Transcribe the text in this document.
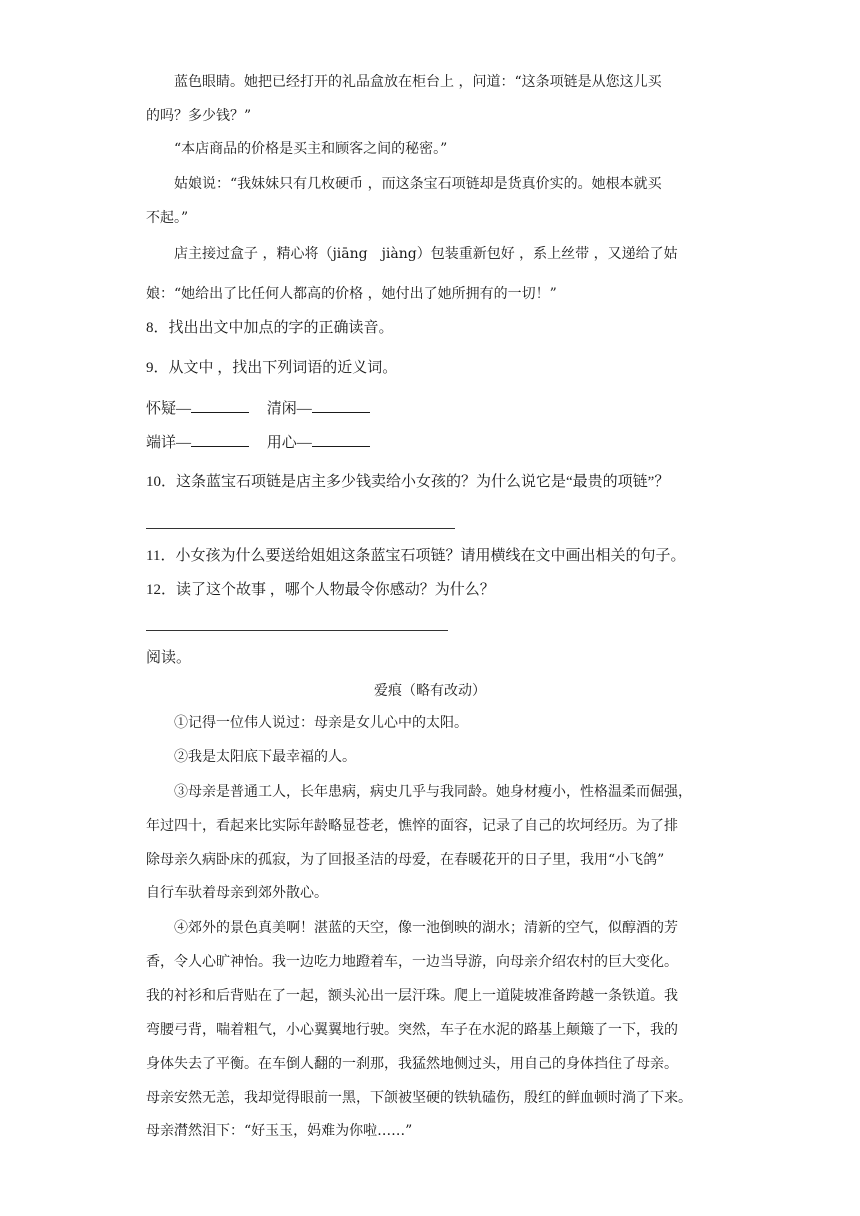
蓝色眼睛。她把已经打开的礼品盒放在柜台上 ，问道：“这条项链是从您这儿买
的吗？多少钱？”
“本店商品的价格是买主和顾客之间的秘密。”
姑娘说：“我妹妹只有几枚硬币 ，而这条宝石项链却是货真价实的。她根本就买
不起。”
店主接过盒子 ，精心将（jiāng　jiàng）包装重新包好 ，系上丝带 ，又递给了姑
娘：“她给出了比任何人都高的价格 ，她付出了她所拥有的一切！”
8．找出出文中加点的字的正确读音。
9．从文中 ，找出下列词语的近义词。
怀疑—	清闲—
端详—	用心—
10．这条蓝宝石项链是店主多少钱卖给小女孩的？为什么说它是“最贵的项链”？
11．小女孩为什么要送给姐姐这条蓝宝石项链？请用横线在文中画出相关的句子。
12．读了这个故事 ，哪个人物最令你感动？为什么？
阅读。
爱痕（略有改动）
①记得一位伟人说过：母亲是女儿心中的太阳。
②我是太阳底下最幸福的人。
③母亲是普通工人，长年患病，病史几乎与我同龄。她身材瘦小，性格温柔而倔强，
年过四十，看起来比实际年龄略显苍老，憔悴的面容，记录了自己的坎坷经历。为了排
除母亲久病卧床的孤寂，为了回报圣洁的母爱，在春暖花开的日子里，我用“小飞鸽”
自行车驮着母亲到郊外散心。
④郊外的景色真美啊！湛蓝的天空，像一池倒映的湖水；清新的空气，似醇酒的芳
香，令人心旷神怡。我一边吃力地蹬着车，一边当导游，向母亲介绍农村的巨大变化。
我的衬衫和后背贴在了一起，额头沁出一层汗珠。爬上一道陡坡准备跨越一条铁道。我
弯腰弓背，喘着粗气，小心翼翼地行驶。突然，车子在水泥的路基上颠簸了一下，我的
身体失去了平衡。在车倒人翻的一刹那，我猛然地侧过头，用自己的身体挡住了母亲。
母亲安然无恙，我却觉得眼前一黑，下颌被坚硬的铁轨磕伤，殷红的鲜血顿时淌了下来。
母亲潸然泪下：“好玉玉，妈难为你啦……”
